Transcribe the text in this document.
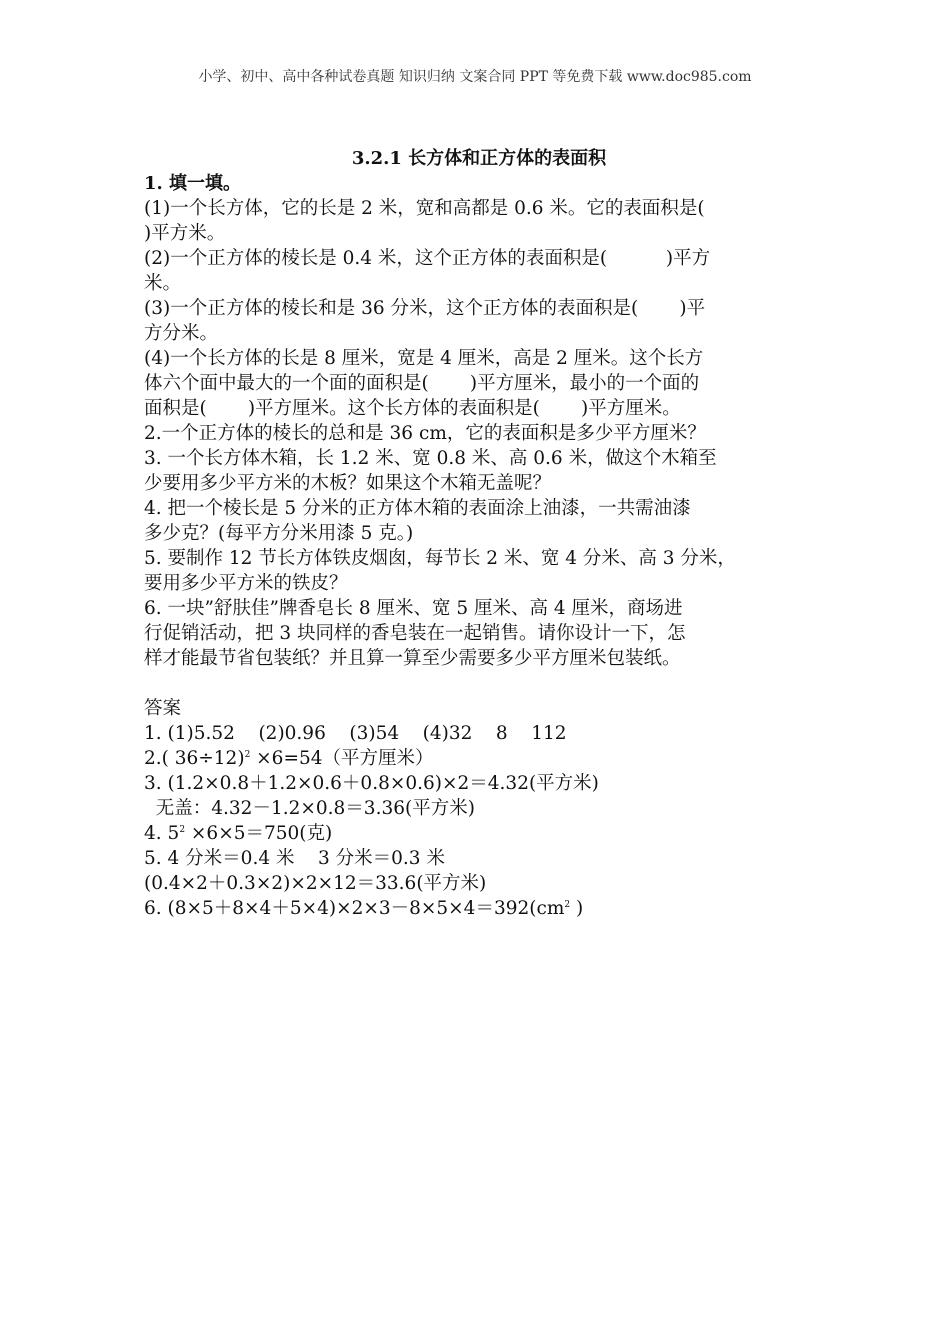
小学、初中、高中各种试卷真题 知识归纳 文案合同 PPT 等免费下载 www.doc985.com
3.2.1 长方体和正方体的表面积
1. 填一填。
(1)一个长方体，它的长是 2 米，宽和高都是 0.6 米。它的表面积是(
)平方米。
(2)一个正方体的棱长是 0.4 米，这个正方体的表面积是(          )平方
米。
(3)一个正方体的棱长和是 36 分米，这个正方体的表面积是(       )平
方分米。
(4)一个长方体的长是 8 厘米，宽是 4 厘米，高是 2 厘米。这个长方
体六个面中最大的一个面的面积是(       )平方厘米，最小的一个面的
面积是(       )平方厘米。这个长方体的表面积是(       )平方厘米。
2.一个正方体的棱长的总和是 36 cm，它的表面积是多少平方厘米？
3. 一个长方体木箱，长 1.2 米、宽 0.8 米、高 0.6 米，做这个木箱至
少要用多少平方米的木板？如果这个木箱无盖呢？
4. 把一个棱长是 5 分米的正方体木箱的表面涂上油漆，一共需油漆
多少克？(每平方分米用漆 5 克。)
5. 要制作 12 节长方体铁皮烟囱，每节长 2 米、宽 4 分米、高 3 分米，
要用多少平方米的铁皮？
6. 一块”舒肤佳”牌香皂长 8 厘米、宽 5 厘米、高 4 厘米，商场进
行促销活动，把 3 块同样的香皂装在一起销售。请你设计一下，怎
样才能最节省包装纸？并且算一算至少需要多少平方厘米包装纸。
答案
1. (1)5.52    (2)0.96    (3)54    (4)32    8    112
2.( 36÷12)$^2$ ×6=54（平方厘米）
3. (1.2×0.8＋1.2×0.6＋0.8×0.6)×2＝4.32(平方米)
无盖：4.32－1.2×0.8＝3.36(平方米)
4. $5^2 \times 6\times 5=750$(克)
5. 4 分米＝0.4 米    3 分米＝0.3 米
(0.4×2＋0.3×2)×2×12＝33.6(平方米)
6. $(8\times 5+8\times 4+5\times 4)\times 2\times 3-8\times 5\times 4=392(cm^2$ )
